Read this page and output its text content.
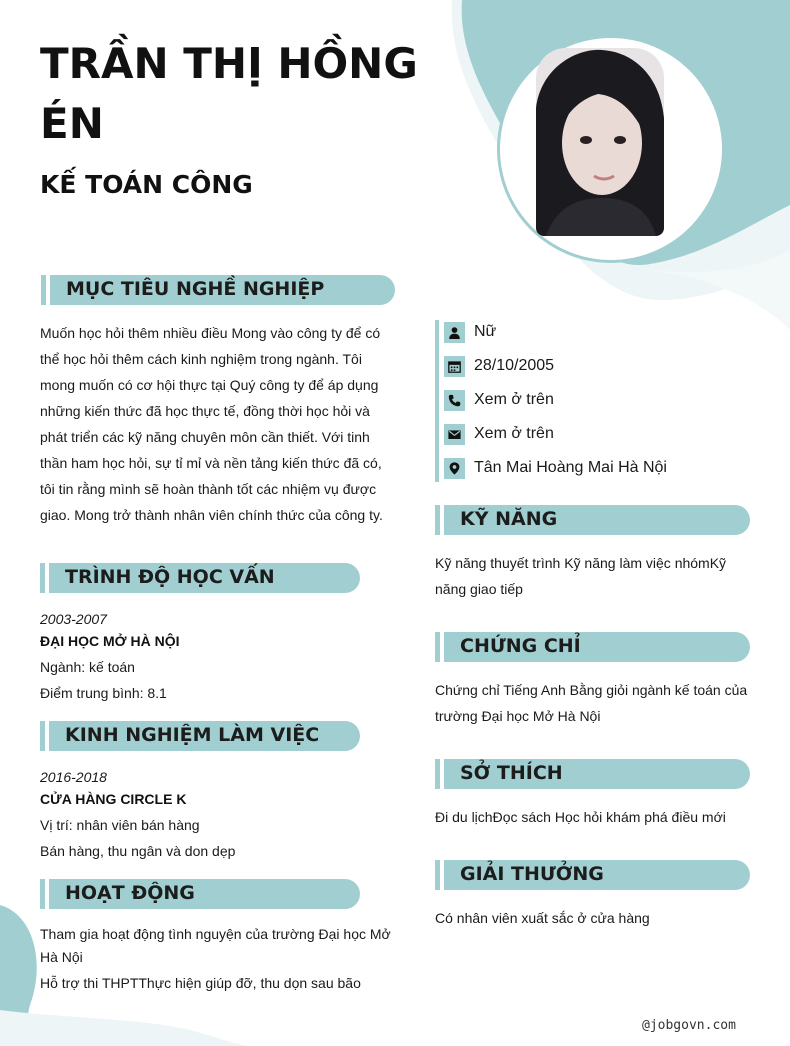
TRẦN THỊ HỒNG ÉN
KẾ TOÁN CÔNG
MỤC TIÊU NGHỀ NGHIỆP
Muốn học hỏi thêm nhiều điều Mong vào công ty để có thể học hỏi thêm cách kinh nghiệm trong ngành. Tôi mong muốn có cơ hội thực tại Quý công ty để áp dụng những kiến thức đã học thực tế, đồng thời học hỏi và phát triển các kỹ năng chuyên môn cần thiết. Với tinh thần ham học hỏi, sự tỉ mỉ và nền tảng kiến thức đã có, tôi tin rằng mình sẽ hoàn thành tốt các nhiệm vụ được giao. Mong trở thành nhân viên chính thức của công ty.
TRÌNH ĐỘ HỌC VẤN
2003-2007
ĐẠI HỌC MỞ HÀ NỘI
Ngành: kế toán
Điểm trung bình: 8.1
KINH NGHIỆM LÀM VIỆC
2016-2018
CỬA HÀNG CIRCLE K
Vị trí: nhân viên bán hàng
Bán hàng, thu ngân và don dẹp
HOẠT ĐỘNG
Tham gia hoạt động tình nguyện của trường Đại học Mở Hà Nội
Hỗ trợ thi THPTThực hiện giúp đỡ, thu dọn sau bão
Nữ
28/10/2005
Xem ở trên
Xem ở trên
Tân Mai Hoàng Mai Hà Nội
KỸ NĂNG
Kỹ năng thuyết trình Kỹ năng làm việc nhómKỹ năng giao tiếp
CHỨNG CHỈ
Chứng chỉ Tiếng Anh Bằng giỏi ngành kế toán của trường Đại học Mở Hà Nội
SỞ THÍCH
Đi du lịchĐọc sách Học hỏi khám phá điều mới
GIẢI THƯỞNG
Có nhân viên xuất sắc ở cửa hàng
@jobgovn.com
